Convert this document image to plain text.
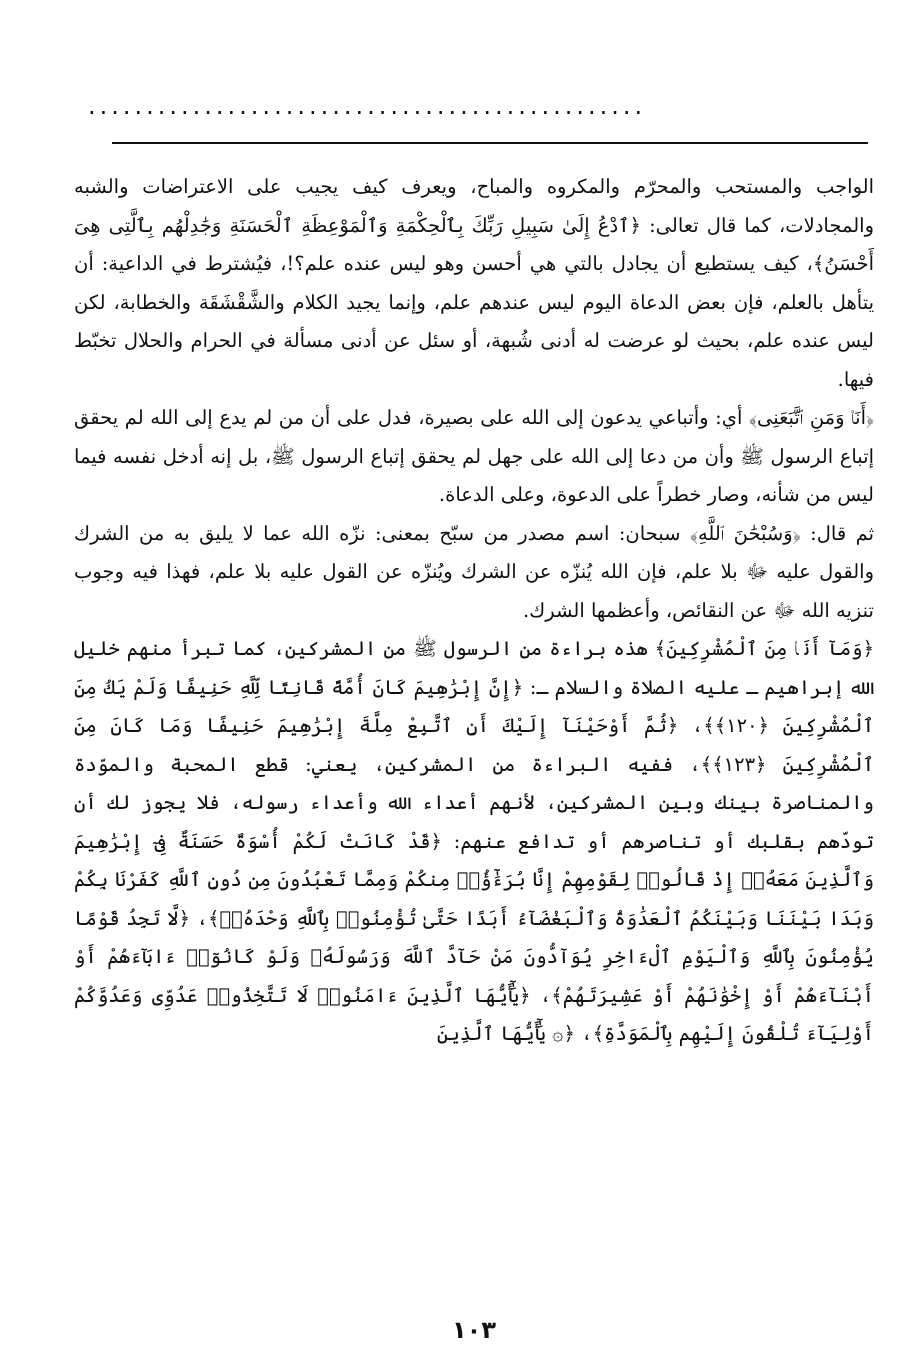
................................................

الواجب والمستحب والمحرّم والمكروه والمباح، ويعرف كيف يجيب على الاعتراضات والشبه والمجادلات، كما قال تعالى: ﴿ٱدْعُ إِلَىٰ سَبِيلِ رَبِّكَ بِٱلْحِكْمَةِ وَٱلْمَوْعِظَةِ ٱلْحَسَنَةِ وَجَٰدِلْهُم بِٱلَّتِى هِىَ أَحْسَنُ﴾، كيف يستطيع أن يجادل بالتي هي أحسن وهو ليس عنده علم؟!، فيُشترط في الداعية: أن يتأهل بالعلم، فإن بعض الدعاة اليوم ليس عندهم علم، وإنما يجيد الكلام والشَّقْشَقَة والخطابة، لكن ليس عنده علم، بحيث لو عرضت له أدنى شُبهة، أو سئل عن أدنى مسألة في الحرام والحلال تخبّط فيها.

﴿أَنَا۠ وَمَنِ ٱتَّبَعَنِى﴾ أي: وأتباعي يدعون إلى الله على بصيرة، فدل على أن من لم يدع إلى الله لم يحقق إتباع الرسول ﷺ وأن من دعا إلى الله على جهل لم يحقق إتباع الرسول ﷺ، بل إنه أدخل نفسه فيما ليس من شأنه، وصار خطراً على الدعوة، وعلى الدعاة.

ثم قال: ﴿وَسُبْحَٰنَ ٱللَّهِ﴾ سبحان: اسم مصدر من سبّح بمعنى: نزّه الله عما لا يليق به من الشرك والقول عليه ﷻ بلا علم، فإن الله يُنزّه عن الشرك ويُنزّه عن القول عليه بلا علم، فهذا فيه وجوب تنزيه الله ﷻ عن النقائص، وأعظمها الشرك.

﴿وَمَآ أَنَا۠ مِنَ ٱلْمُشْرِكِينَ﴾ هذه براءة من الرسول ﷺ من المشركين، كما تبرأ منهم خليل الله إبراهيم ـ عليه الصلاة والسلام ـ: ﴿إِنَّ إِبْرَٰهِيمَ كَانَ أُمَّةً قَانِتًا لِّلَّهِ حَنِيفًا وَلَمْ يَكُ مِنَ ٱلْمُشْرِكِينَ ﴿١٢٠﴾﴾، ﴿ثُمَّ أَوْحَيْنَآ إِلَيْكَ أَنِ ٱتَّبِعْ مِلَّةَ إِبْرَٰهِيمَ حَنِيفًا وَمَا كَانَ مِنَ ٱلْمُشْرِكِينَ ﴿١٢٣﴾﴾، ففيه البراءة من المشركين، يعني: قطع المحبة والموّدة والمناصرة بينك وبين المشركين، لأنهم أعداء الله وأعداء رسوله، فلا يجوز لك أن تودّهم بقلبك أو تناصرهم أو تدافع عنهم: ﴿قَدْ كَانَتْ لَكُمْ أُسْوَةٌ حَسَنَةٌ فِىٓ إِبْرَٰهِيمَ وَٱلَّذِينَ مَعَهُۥٓ إِذْ قَالُوا۟ لِقَوْمِهِمْ إِنَّا بُرَءَٰٓؤُا۟ مِنكُمْ وَمِمَّا تَعْبُدُونَ مِن دُونِ ٱللَّهِ كَفَرْنَا بِكُمْ وَبَدَا بَيْنَنَا وَبَيْنَكُمُ ٱلْعَدَٰوَةُ وَٱلْبَغْضَآءُ أَبَدًا حَتَّىٰ تُؤْمِنُوا۟ بِٱللَّهِ وَحْدَهُۥٓ﴾، ﴿لَّا تَجِدُ قَوْمًا يُؤْمِنُونَ بِٱللَّهِ وَٱلْيَوْمِ ٱلْءَاخِرِ يُوَآدُّونَ مَنْ حَآدَّ ٱللَّهَ وَرَسُولَهُۥ وَلَوْ كَانُوٓا۟ ءَابَآءَهُمْ أَوْ أَبْنَآءَهُمْ أَوْ إِخْوَٰنَهُمْ أَوْ عَشِيرَتَهُمْ﴾، ﴿يَٰٓأَيُّهَا ٱلَّذِينَ ءَامَنُوا۟ لَا تَتَّخِذُوا۟ عَدُوِّى وَعَدُوَّكُمْ أَوْلِيَآءَ تُلْقُونَ إِلَيْهِم بِٱلْمَوَدَّةِ﴾، ﴿۞ يَٰٓأَيُّهَا ٱلَّذِينَ

١٠٣
